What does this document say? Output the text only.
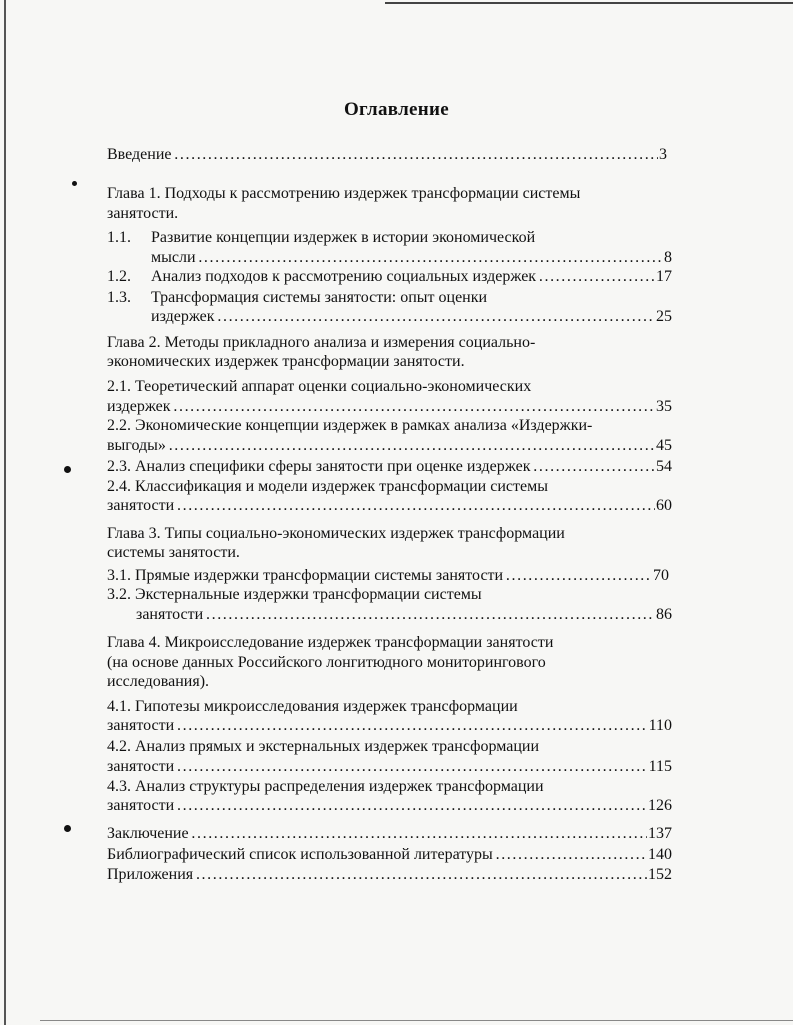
Оглавление
Введение . . .	3
Глава 1. Подходы к рассмотрению издержек трансформации системы
занятости.
1.1. Развитие концепции издержек в истории экономической
мысли . . .	8
1.2. Анализ подходов к рассмотрению социальных издержек . . .	17
1.3. Трансформация системы занятости: опыт оценки
издержек . . .	25
Глава 2. Методы прикладного анализа и измерения социально-
экономических издержек трансформации занятости.
2.1. Теоретический аппарат оценки социально-экономических
издержек . . .	35
2.2. Экономические концепции издержек в рамках анализа «Издержки-
выгоды» . . .	45
2.3. Анализ специфики сферы занятости при оценке издержек . . .	54
2.4. Классификация и модели издержек трансформации системы
занятости . . .	60
Глава 3. Типы социально-экономических издержек трансформации
системы занятости.
3.1. Прямые издержки трансформации системы занятости . . .	70
3.2. Экстернальные издержки трансформации системы
занятости . . .	86
Глава 4. Микроисследование издержек трансформации занятости
(на основе данных Российского лонгитюдного мониторингового
исследования).
4.1. Гипотезы микроисследования издержек трансформации
занятости . . .	110
4.2. Анализ прямых и экстернальных издержек трансформации
занятости . . .	115
4.3. Анализ структуры распределения издержек трансформации
занятости . . .	126
Заключение . . .	137
Библиографический список использованной литературы . . .	140
Приложения . . .	152
